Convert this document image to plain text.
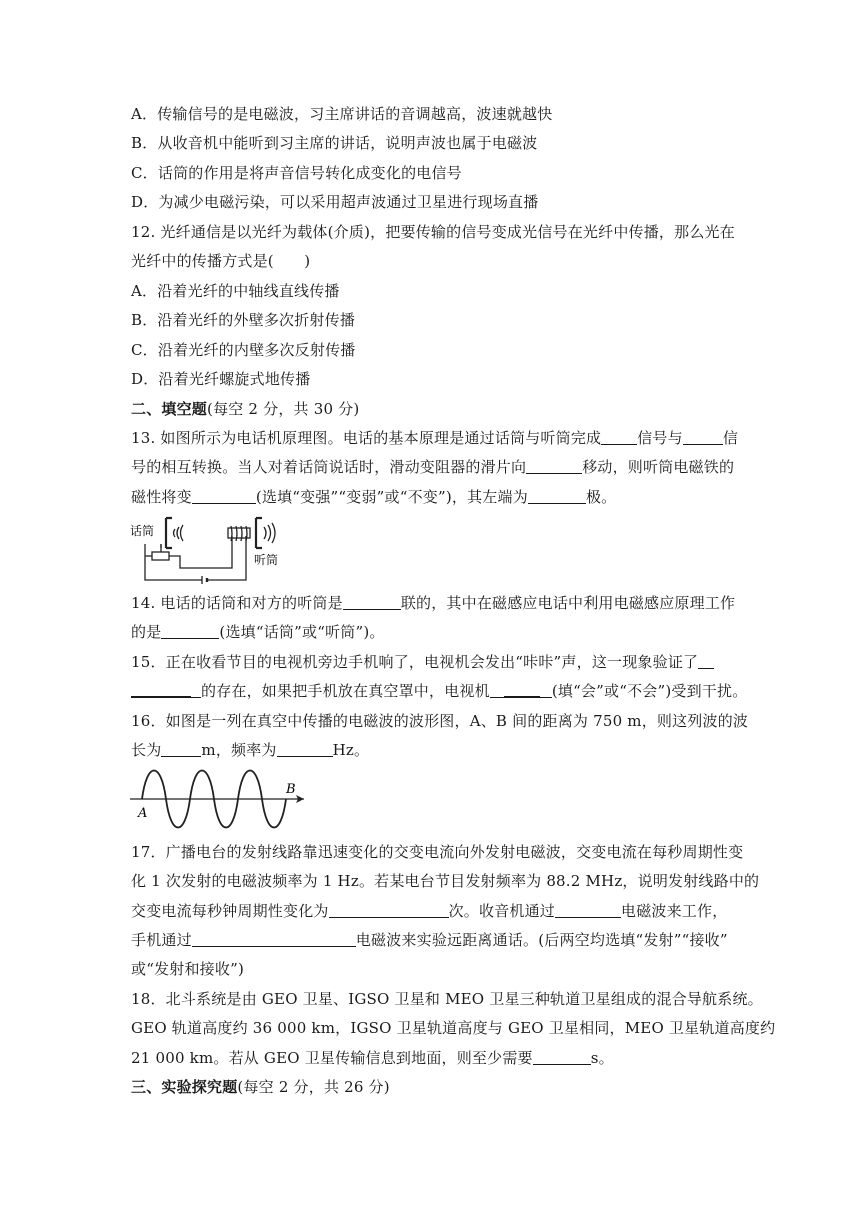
A．传输信号的是电磁波，习主席讲话的音调越高，波速就越快
B．从收音机中能听到习主席的讲话，说明声波也属于电磁波
C．话筒的作用是将声音信号转化成变化的电信号
D．为减少电磁污染，可以采用超声波通过卫星进行现场直播
12. 光纤通信是以光纤为载体(介质)，把要传输的信号变成光信号在光纤中传播，那么光在
光纤中的传播方式是(　　)
A．沿着光纤的中轴线直线传播
B．沿着光纤的外壁多次折射传播
C．沿着光纤的内壁多次反射传播
D．沿着光纤螺旋式地传播
二、填空题(每空 2 分，共 30 分)
13. 如图所示为电话机原理图。电话的基本原理是通过话筒与听筒完成 信号与	信
号的相互转换。当人对着话筒说话时，滑动变阻器的滑片向	移动，则听筒电磁铁的
磁性将变	(选填“变强”“变弱”或“不变”)，其左端为	极。
话筒
听筒
14. 电话的话筒和对方的听筒是	联的，其中在磁感应电话中利用电磁感应原理工作
的是	(选填“话筒”或“听筒”)。
15．正在收看节目的电视机旁边手机响了，电视机会发出“咔咔”声，这一现象验证了
的存在，如果把手机放在真空罩中，电视机	(填“会”或“不会”)受到干扰。
16．如图是一列在真空中传播的电磁波的波形图，A、B 间的距离为 750 m，则这列波的波
长为	m，频率为	Hz。
A
B
17．广播电台的发射线路靠迅速变化的交变电流向外发射电磁波，交变电流在每秒周期性变
化 1 次发射的电磁波频率为 1 Hz。若某电台节目发射频率为 88.2 MHz，说明发射线路中的
交变电流每秒钟周期性变化为	次。收音机通过	电磁波来工作，
手机通过	电磁波来实验远距离通话。(后两空均选填“发射”“接收”
或“发射和接收”)
18．北斗系统是由 GEO 卫星、IGSO 卫星和 MEO 卫星三种轨道卫星组成的混合导航系统。
GEO 轨道高度约 36 000 km，IGSO 卫星轨道高度与 GEO 卫星相同，MEO 卫星轨道高度约
21 000 km。若从 GEO 卫星传输信息到地面，则至少需要	s。
三、实验探究题(每空 2 分，共 26 分)
